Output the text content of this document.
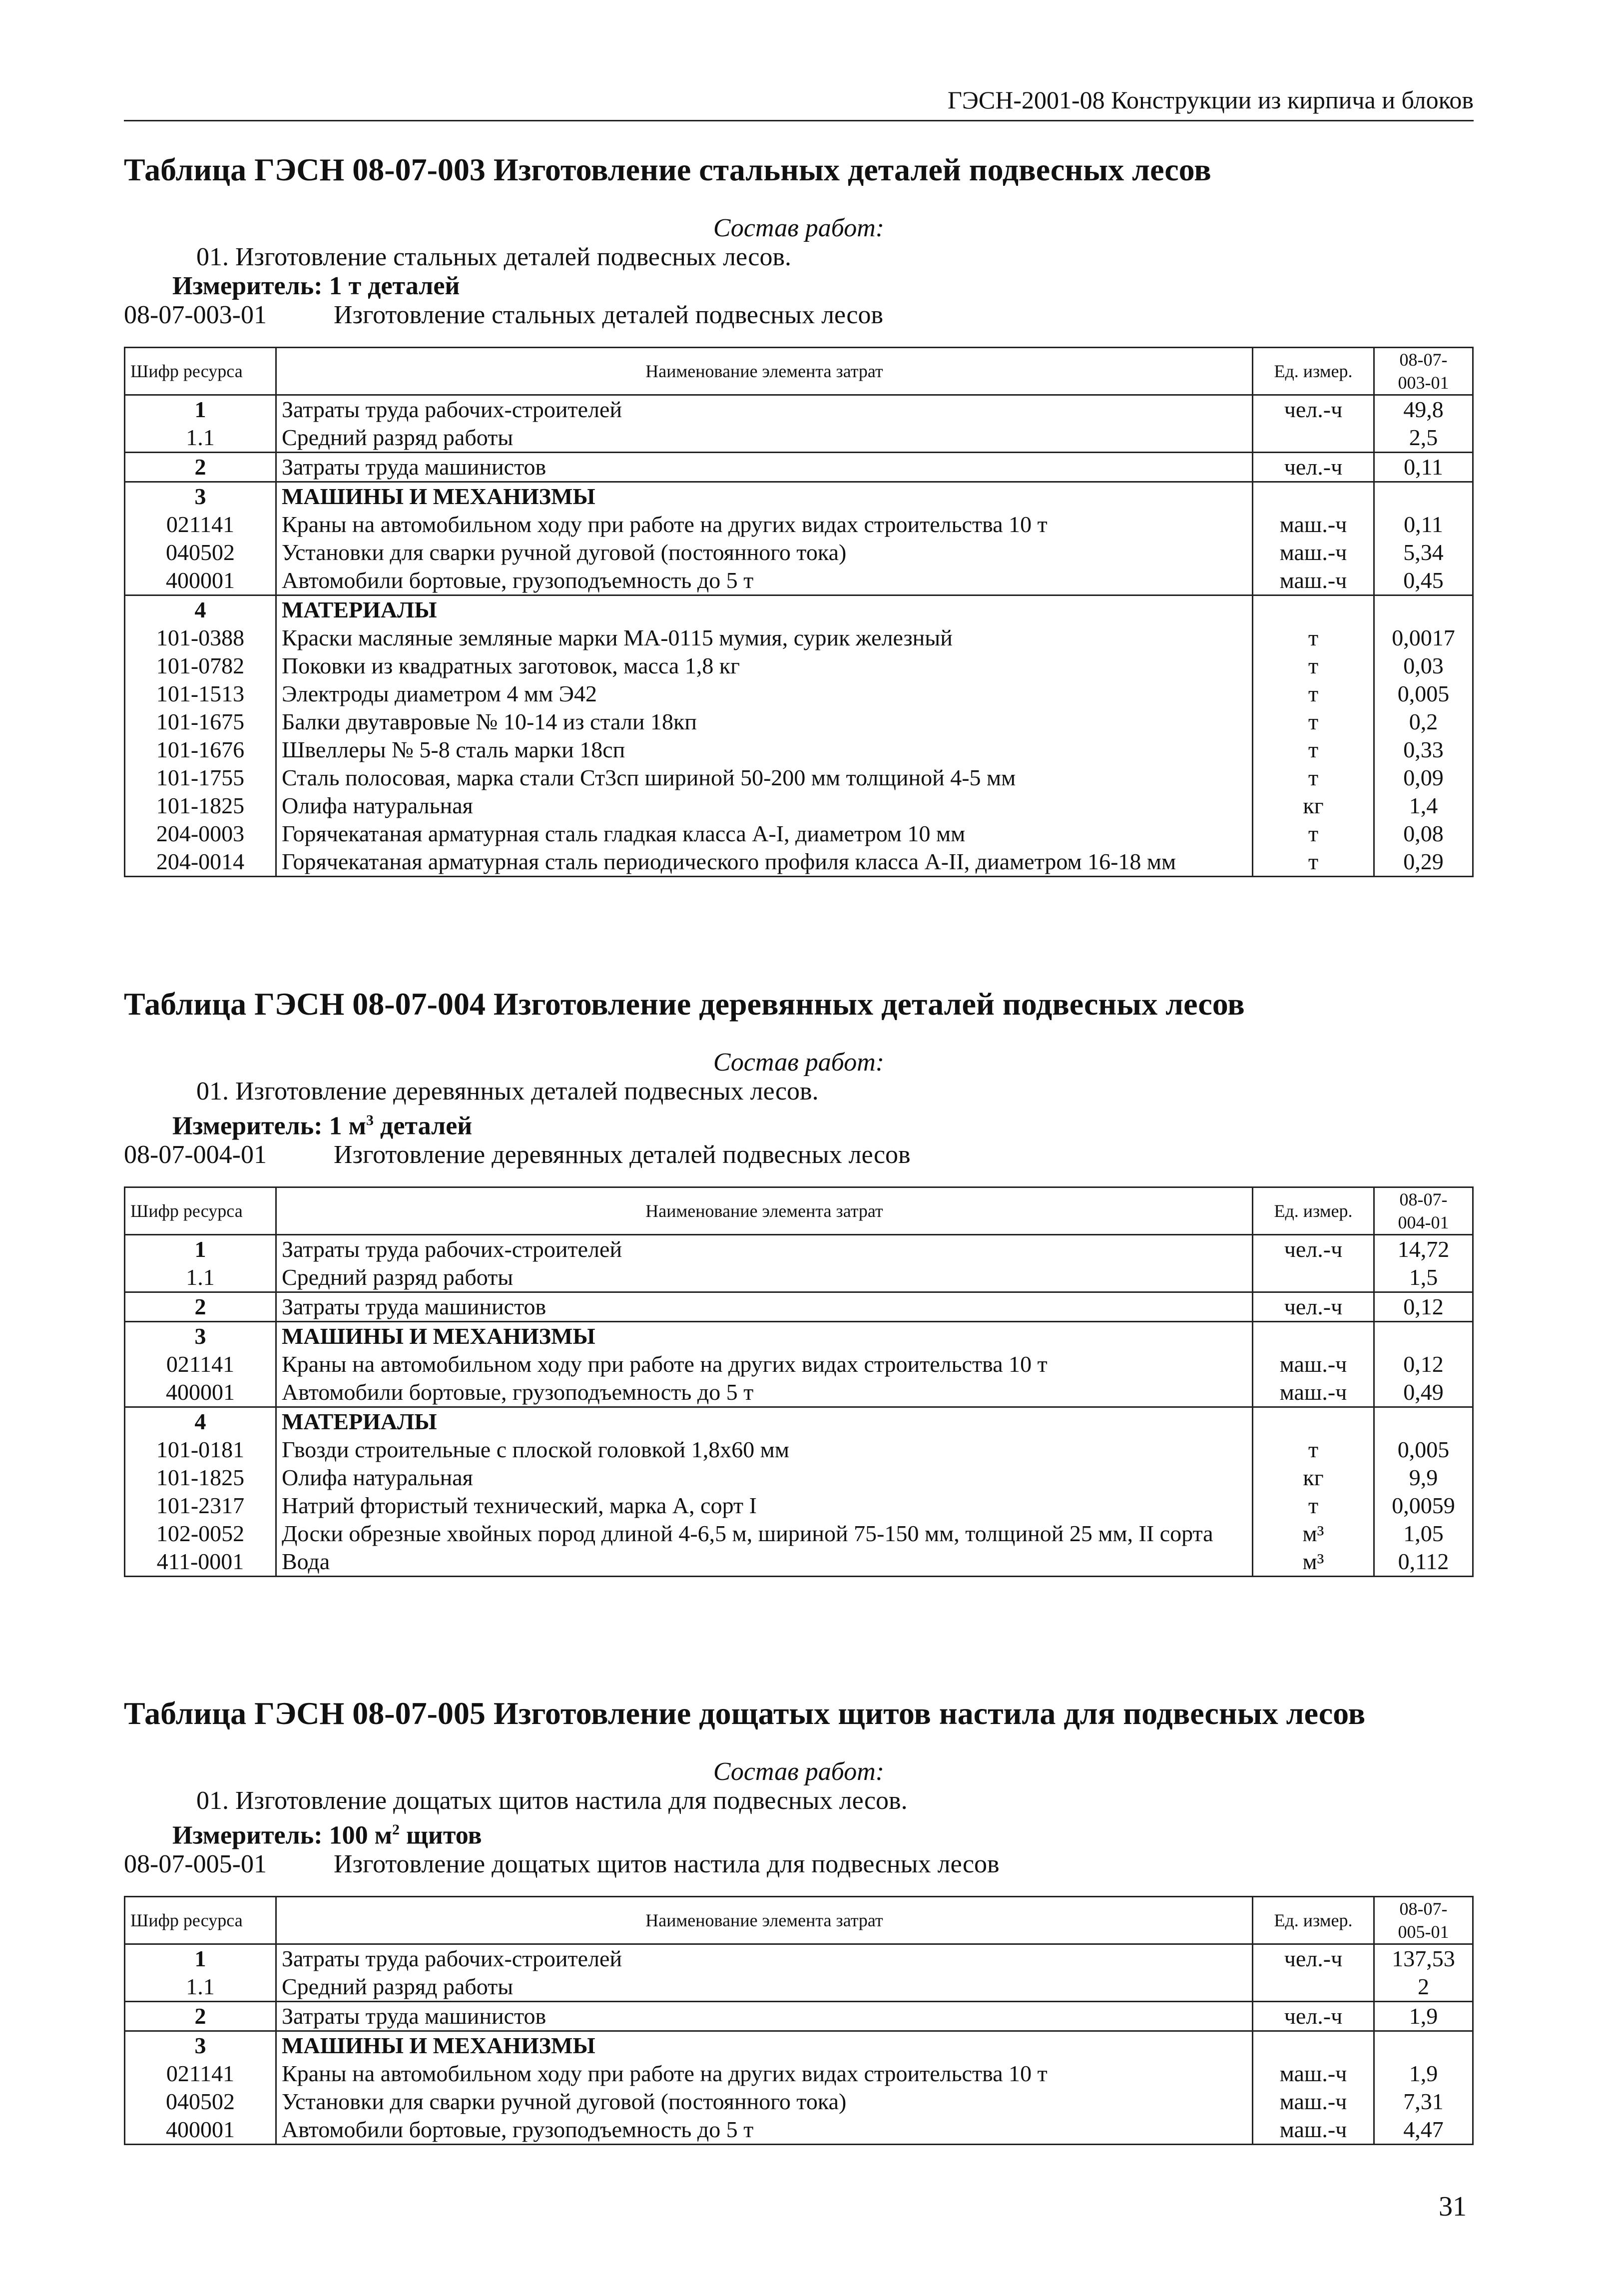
ГЭСН-2001-08 Конструкции из кирпича и блоков
Таблица ГЭСН 08-07-003 Изготовление стальных деталей подвесных лесов
Состав работ:
01. Изготовление стальных деталей подвесных лесов.
Измеритель: 1 т деталей
08-07-003-01	Изготовление стальных деталей подвесных лесов
Шифр ресурса	Наименование элемента затрат	Ед. измер.	08-07-
003-01
1	Затраты труда рабочих-строителей	чел.-ч	49,8
1.1	Средний разряд работы		2,5
2	Затраты труда машинистов	чел.-ч	0,11
3	МАШИНЫ И МЕХАНИЗМЫ		
021141	Краны на автомобильном ходу при работе на других видах строительства 10 т	маш.-ч	0,11
040502	Установки для сварки ручной дуговой (постоянного тока)	маш.-ч	5,34
400001	Автомобили бортовые, грузоподъемность до 5 т	маш.-ч	0,45
4	МАТЕРИАЛЫ		
101-0388	Краски масляные земляные марки МА-0115 мумия, сурик железный	т	0,0017
101-0782	Поковки из квадратных заготовок, масса 1,8 кг	т	0,03
101-1513	Электроды диаметром 4 мм Э42	т	0,005
101-1675	Балки двутавровые № 10-14 из стали 18кп	т	0,2
101-1676	Швеллеры № 5-8 сталь марки 18сп	т	0,33
101-1755	Сталь полосовая, марка стали Ст3сп шириной 50-200 мм толщиной 4-5 мм	т	0,09
101-1825	Олифа натуральная	кг	1,4
204-0003	Горячекатаная арматурная сталь гладкая класса А-I, диаметром 10 мм	т	0,08
204-0014	Горячекатаная арматурная сталь периодического профиля класса А-II, диаметром 16-18 мм	т	0,29
Таблица ГЭСН 08-07-004 Изготовление деревянных деталей подвесных лесов
Состав работ:
01. Изготовление деревянных деталей подвесных лесов.
Измеритель: 1 $м^3$ деталей
08-07-004-01	Изготовление деревянных деталей подвесных лесов
Шифр ресурса	Наименование элемента затрат	Ед. измер.	08-07-
004-01
1	Затраты труда рабочих-строителей	чел.-ч	14,72
1.1	Средний разряд работы		1,5
2	Затраты труда машинистов	чел.-ч	0,12
3	МАШИНЫ И МЕХАНИЗМЫ		
021141	Краны на автомобильном ходу при работе на других видах строительства 10 т	маш.-ч	0,12
400001	Автомобили бортовые, грузоподъемность до 5 т	маш.-ч	0,49
4	МАТЕРИАЛЫ		
101-0181	Гвозди строительные с плоской головкой 1,8x60 мм	т	0,005
101-1825	Олифа натуральная	кг	9,9
101-2317	Натрий фтористый технический, марка А, сорт I	т	0,0059
102-0052	Доски обрезные хвойных пород длиной 4-6,5 м, шириной 75-150 мм, толщиной 25 мм, II сорта	м³	1,05
411-0001	Вода	м³	0,112
Таблица ГЭСН 08-07-005 Изготовление дощатых щитов настила для подвесных лесов
Состав работ:
01. Изготовление дощатых щитов настила для подвесных лесов.
Измеритель: 100 $м^2$ щитов
08-07-005-01	Изготовление дощатых щитов настила для подвесных лесов
Шифр ресурса	Наименование элемента затрат	Ед. измер.	08-07-
005-01
1	Затраты труда рабочих-строителей	чел.-ч	137,53
1.1	Средний разряд работы		2
2	Затраты труда машинистов	чел.-ч	1,9
3	МАШИНЫ И МЕХАНИЗМЫ		
021141	Краны на автомобильном ходу при работе на других видах строительства 10 т	маш.-ч	1,9
040502	Установки для сварки ручной дуговой (постоянного тока)	маш.-ч	7,31
400001	Автомобили бортовые, грузоподъемность до 5 т	маш.-ч	4,47
31
